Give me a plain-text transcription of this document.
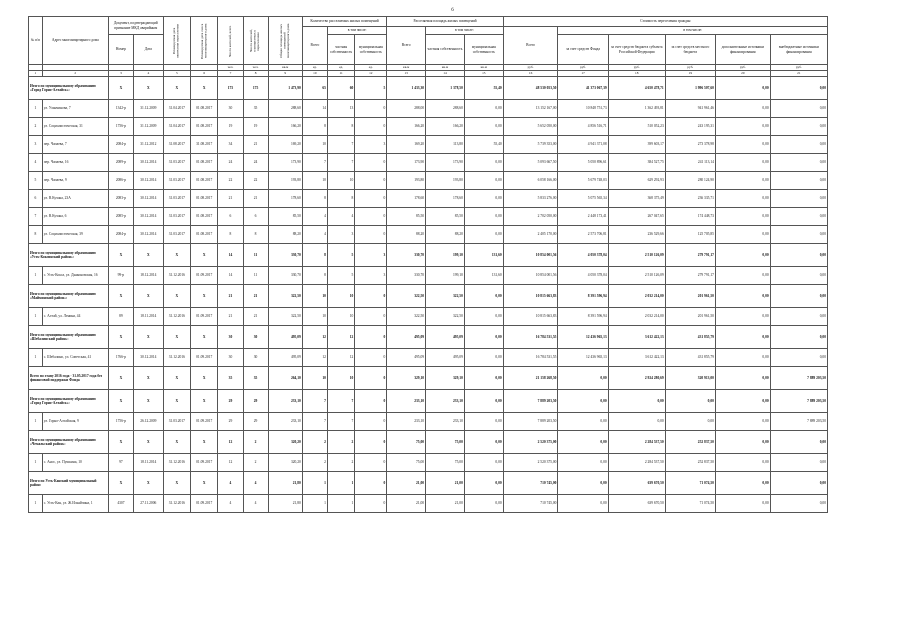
6
№ п/п	Адрес многоквартирного дома	Документ, подтверждающий признание МКД аварийным		Планируемая дата окончания переселения	Планируемая дата сноса многоквартирного дома	Число жителей, всего	Число жителей, планируемых к переселению	Общая площадь жилых помещений многоквартирного дома	Количество расселяемых жилых помещений			Расселяемая площадь жилых помещений			Стоимость переселения граждан					
									Всего	в том числе:		Всего	в том числе:		Всего	в том числе:				
		Номер	Дата							частная собственность	муниципальная собственность		частная собственность	муниципальная собственность		за счет средств Фонда	за счет средств бюджета субъекта Российской Федерации	за счет средств местного бюджета	дополнительные источники финансирования	внебюджетные источники финансирования
						чел.	чел.	кв.м	ед.	ед.	ед.	кв.м	кв.м	кв.м	руб.	руб.	руб.	руб.	руб.	руб.
1	2	3	4	5	6	7	8	9	10	11	12	13	14	15	16	17	18	19	20	21
Итого по муниципальному образованию «Город Горно-Алтайск»:		X	X	X	X	175	175	1 473,90	65	60	5	1 433,30	1 378,50	55,40	48 530 053,50	41 373 067,39	4 650 478,71	1 996 507,60	0,00	0,00
1	ул. Уланчинова, 7	1342-р	31.12.2009	31.04.2017	01.08.2017	30	35	288,60	14	13	0	288,00	288,60	0,00	13 152 167,00	10 848 751,73	1 362 493,81	941 961,46	0,00	0,00
2	ул. Социалистическая, 31	1756-р	31.12.2009	31.04.2017	01.08.2017	19	19	166,20	8	8	0	166,20	166,20	0,00	5 652 050,00	4 856 516,71	510 052,23	243 195,31	0,00	0,00
3	пер. Чапаева, 7	2084-р	31.12.2012	31.08.2017	31.08.2017	34	21	169,20	10	7	3	169,20	113,80	55,40	5 739 353,00	4 941 371,08	399 603,17	273 378,98	0,00	0,00
4	пер. Чапаева, 16	2089-р	30.12.2014	31.03.2017	01.08.2017	24	24	173,90	7	7	0	173,90	173,90	0,00	5 093 667,50	5 050 896,61	384 527,75	241 113,14	0,00	0,00
5	пер. Чапаева, 9	2086-р	30.12.2014	31.03.2017	01.08.2017	22	22	193,80	10	10	0	193,80	193,80	0,00	6 058 166,00	5 679 748,03	629 292,93	280 124,90	0,00	0,00
6	ул. В.Кучака, 23А	2083-р	30.12.2014	31.03.2017	01.08.2017	21	21	178,60	8	8	0	178,60	178,60	0,00	5 833 276,00	5 075 565,34	368 375,49	236 335,71	0,00	0,00
7	ул. В.Кучака, 6	2085-р	30.12.2014	31.03.2017	01.08.2017	6	6	85,50	4	4	0	85,50	85,50	0,00	2 702 050,00	2 448 173,41	267 047,65	174 448,73	0,00	0,00
8	ул. Социалистическая, 39	2084-р	30.12.2014	31.03.2017	01.08.2017	8	8	88,20	4	3	0	88,20	88,20	0,00	2 405 170,00	2 573 706,81	236 529,66	125 705,85	0,00	0,00
Итого по муниципальному образованию «Усть-Коксинский район»:		X	X	X	X	14	11	330,70	8	5	3	330,70	199,10	131,60	10 854 001,56	4 050 378,04	2 510 126,09	279 791,17	0,00	0,00
1	с. Усть-Кокса, ул. Дьяконовская, 16	99-р	18.12.2014	31.12.2016	01.09.2017	14	11	330,70	8	5	3	330,70	199,10	131,60	10 854 001,56	4 050 378,04	2 510 126,09	279 791,17	0,00	0,00
Итого по муниципальному образованию «Майминский район»:		X	X	X	X	21	21	322,50	10	10	0	322,50	322,50	0,00	10 815 663,83	8 391 596,94	2 032 214,00	201 961,50	0,00	0,00
1	с. Алтай, ул. Ленина, 44	89	18.11.2014	31.12.2016	01.09.2017	21	21	322,50	10	10	0	322,50	322,50	0,00	10 815 663,83	8 391 596,94	2 032 214,00	201 961,50	0,00	0,00
Итого по муниципальному образованию «Шебалинский район»:		X	X	X	X	30	30	495,09	12	12	0	495,09	495,09	0,00	16 784 531,55	12 436 965,13	3 612 422,13	431 855,79	0,00	0,00
1	с. Шебалино, ул. Советская, 41	1766-р	30.12.2014	31.12.2016	01.09.2017	30	30	495,09	12	12	0	495,09	495,09	0,00	16 784 531,55	12 436 965,13	3 612 422,13	431 855,79	0,00	0,00
Всего по этапу 2016 года - 31.05.2017 года без финансовой поддержки Фонда		X	X	X	X	35	35	264,10	10	10	0	329,10	329,10	0,00	21 158 268,50	0,00	2 924 280,69	320 913,00	0,00	7 889 203,50
Итого по муниципальному образованию «Город Горно-Алтайск»:		X	X	X	X	29	29	233,10	7	7	0	233,10	233,10	0,00	7 889 203,50	0,00	0,00	0,00	0,00	7 889 203,50
1	ул. Горно-Алтайская, 9	1756-р	26.12.2009	31.03.2017	01.09.2017	29	29	233,10	7	7	0	233,10	233,10	0,00	7 889 203,50	0,00	0,00	0,00	0,00	7 889 203,50
Итого по муниципальному образованию «Чемальский район»:		X	X	X	X	12	2	320,20	2	2	0	75,00	75,00	0,00	2 520 375,00	0,00	2 284 537,50	252 837,50	0,00	0,00
1	с. Анос, ул. Пушкина, 10	97	18.11.2014	31.12.2016	01.09.2017	12	2	320,20	2	2	0	75,00	75,00	0,00	2 520 375,00	0,00	2 284 537,50	252 837,50	0,00	0,00
Итого по Усть-Канский муниципальный район:		X	X	X	X	4	4	21,80	1	1	0	21,00	21,00	0,00	710 745,00	0,00	639 670,50	71 074,50	0,00	0,00
1	с. Усть-Кан, ул. Ж.Ильяйчина, 1	4307	27.11.2006	31.12.2016	01.09.2017	4	4	21,80	1	1	0	21,00	21,00	0,00	710 745,00	0,00	639 670,50	71 074,50	0,00	0,00
